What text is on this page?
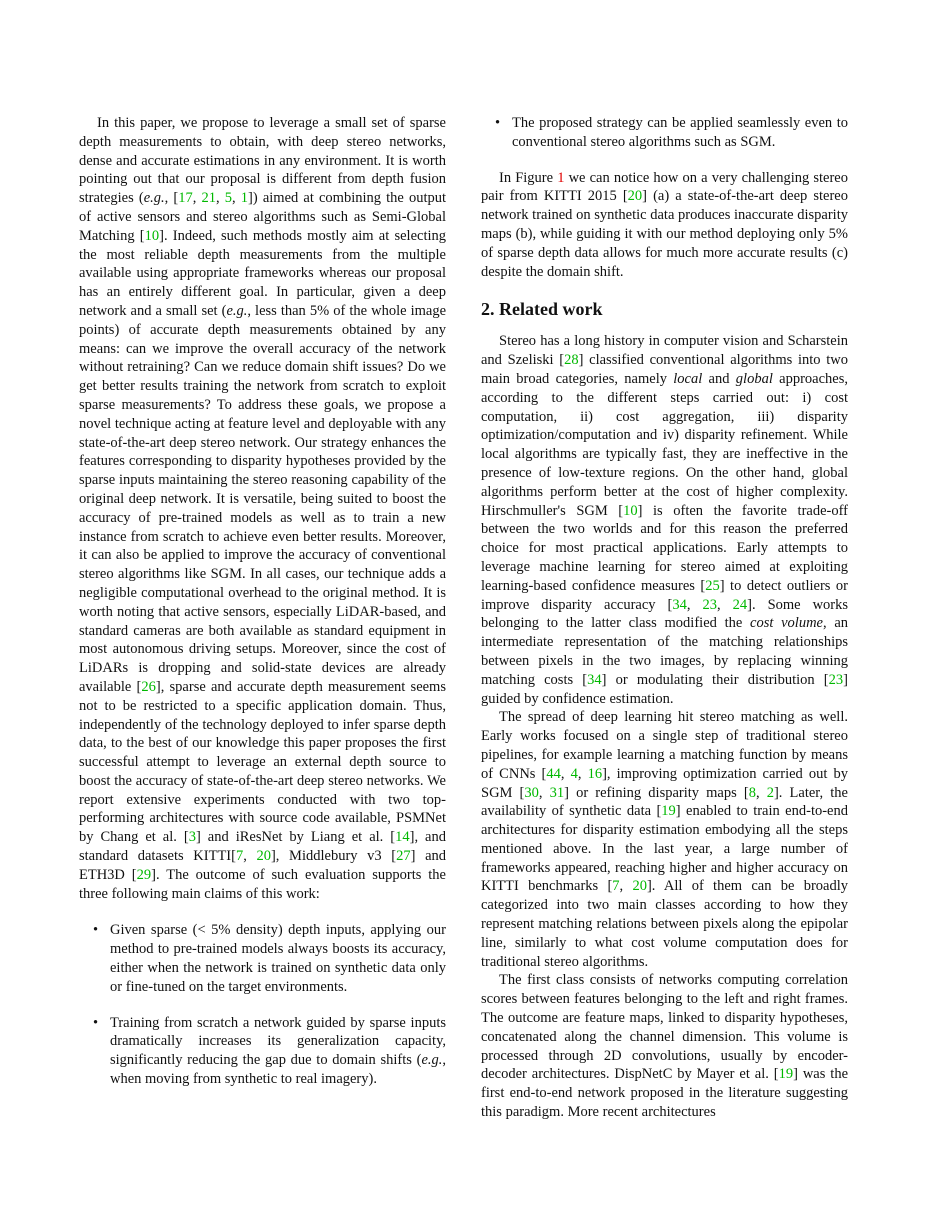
In this paper, we propose to leverage a small set of sparse depth measurements to obtain, with deep stereo networks, dense and accurate estimations in any environment. It is worth pointing out that our proposal is different from depth fusion strategies (e.g., [17, 21, 5, 1]) aimed at combining the output of active sensors and stereo algorithms such as Semi-Global Matching [10]. Indeed, such methods mostly aim at selecting the most reliable depth measurements from the multiple available using appropriate frameworks whereas our proposal has an entirely different goal. In particular, given a deep network and a small set (e.g., less than 5% of the whole image points) of accurate depth measurements obtained by any means: can we improve the overall accuracy of the network without retraining? Can we reduce domain shift issues? Do we get better results training the network from scratch to exploit sparse measurements? To address these goals, we propose a novel technique acting at feature level and deployable with any state-of-the-art deep stereo network. Our strategy enhances the features corresponding to disparity hypotheses provided by the sparse inputs maintaining the stereo reasoning capability of the original deep network. It is versatile, being suited to boost the accuracy of pre-trained models as well as to train a new instance from scratch to achieve even better results. Moreover, it can also be applied to improve the accuracy of conventional stereo algorithms like SGM. In all cases, our technique adds a negligible computational overhead to the original method. It is worth noting that active sensors, especially LiDAR-based, and standard cameras are both available as standard equipment in most autonomous driving setups. Moreover, since the cost of LiDARs is dropping and solid-state devices are already available [26], sparse and accurate depth measurement seems not to be restricted to a specific application domain. Thus, independently of the technology deployed to infer sparse depth data, to the best of our knowledge this paper proposes the first successful attempt to leverage an external depth source to boost the accuracy of state-of-the-art deep stereo networks. We report extensive experiments conducted with two top-performing architectures with source code available, PSMNet by Chang et al. [3] and iResNet by Liang et al. [14], and standard datasets KITTI[7, 20], Middlebury v3 [27] and ETH3D [29]. The outcome of such evaluation supports the three following main claims of this work:

• Given sparse (< 5% density) depth inputs, applying our method to pre-trained models always boosts its accuracy, either when the network is trained on synthetic data only or fine-tuned on the target environments.

• Training from scratch a network guided by sparse inputs dramatically increases its generalization capacity, significantly reducing the gap due to domain shifts (e.g., when moving from synthetic to real imagery).

• The proposed strategy can be applied seamlessly even to conventional stereo algorithms such as SGM.

In Figure 1 we can notice how on a very challenging stereo pair from KITTI 2015 [20] (a) a state-of-the-art deep stereo network trained on synthetic data produces inaccurate disparity maps (b), while guiding it with our method deploying only 5% of sparse depth data allows for much more accurate results (c) despite the domain shift.

2. Related work

Stereo has a long history in computer vision and Scharstein and Szeliski [28] classified conventional algorithms into two main broad categories, namely local and global approaches, according to the different steps carried out: i) cost computation, ii) cost aggregation, iii) disparity optimization/computation and iv) disparity refinement. While local algorithms are typically fast, they are ineffective in the presence of low-texture regions. On the other hand, global algorithms perform better at the cost of higher complexity. Hirschmuller's SGM [10] is often the favorite trade-off between the two worlds and for this reason the preferred choice for most practical applications. Early attempts to leverage machine learning for stereo aimed at exploiting learning-based confidence measures [25] to detect outliers or improve disparity accuracy [34, 23, 24]. Some works belonging to the latter class modified the cost volume, an intermediate representation of the matching relationships between pixels in the two images, by replacing winning matching costs [34] or modulating their distribution [23] guided by confidence estimation.

The spread of deep learning hit stereo matching as well. Early works focused on a single step of traditional stereo pipelines, for example learning a matching function by means of CNNs [44, 4, 16], improving optimization carried out by SGM [30, 31] or refining disparity maps [8, 2]. Later, the availability of synthetic data [19] enabled to train end-to-end architectures for disparity estimation embodying all the steps mentioned above. In the last year, a large number of frameworks appeared, reaching higher and higher accuracy on KITTI benchmarks [7, 20]. All of them can be broadly categorized into two main classes according to how they represent matching relations between pixels along the epipolar line, similarly to what cost volume computation does for traditional stereo algorithms.

The first class consists of networks computing correlation scores between features belonging to the left and right frames. The outcome are feature maps, linked to disparity hypotheses, concatenated along the channel dimension. This volume is processed through 2D convolutions, usually by encoder-decoder architectures. DispNetC by Mayer et al. [19] was the first end-to-end network proposed in the literature suggesting this paradigm. More recent architectures
